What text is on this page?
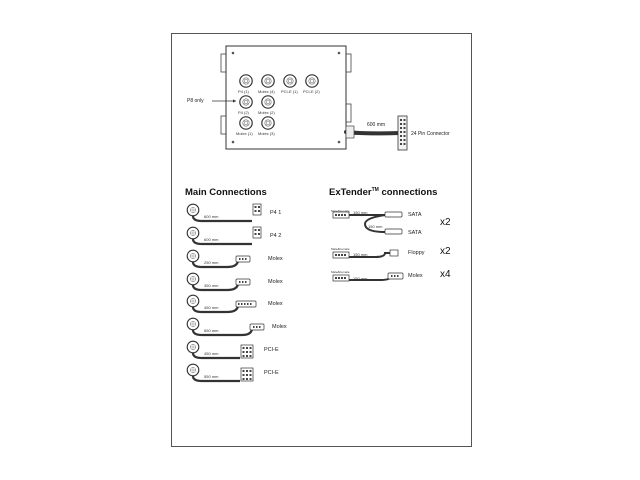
P4 (1) Molex (4) PCI-E (1) PCI-E (2)
P4 (2) Molex (2)
Molex (1) Molex (3)
P8 only
600 mm
24 Pin Connector
Main Connections
600 mm
P4 1
600 mm
P4 2
250 mm
Molex
350 mm
Molex
450 mm
Molex
650 mm
Molex
450 mm
PCI-E
550 mm
PCI-E
ExTender™ connections
Male&Female 150 mm	SATA
150 mm
SATA
x2
Male&Female
150 mm	Floppy x2
Male&Female
150 mm	Molex x4
